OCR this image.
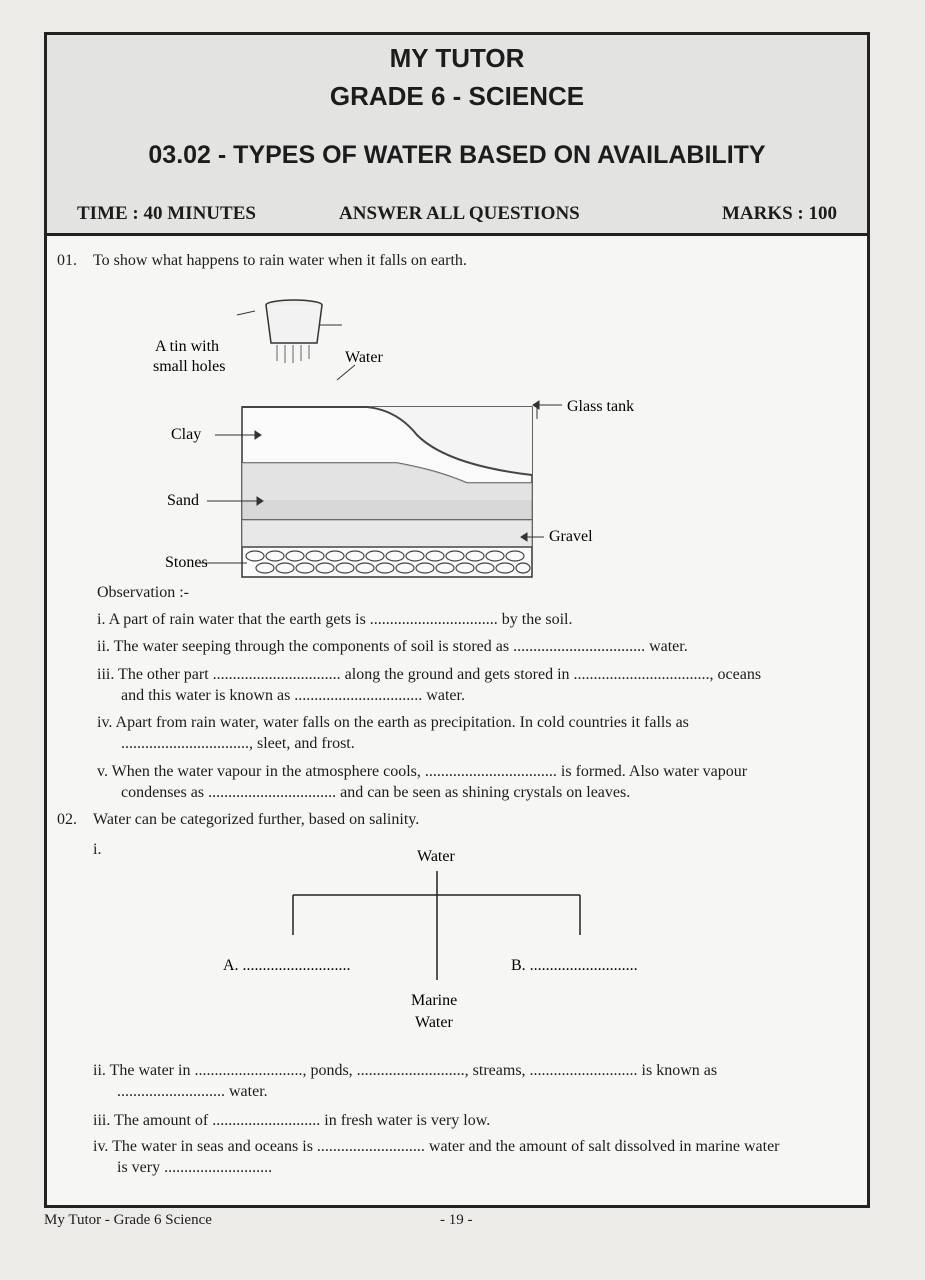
MY TUTOR
GRADE 6 - SCIENCE
03.02 - TYPES OF WATER BASED ON AVAILABILITY
TIME : 40 MINUTES	ANSWER ALL QUESTIONS	MARKS : 100
01. To show what happens to rain water when it falls on earth.
A tin with
small holes
Water
Glass tank
Clay
Sand
Gravel
Stones
Observation :-
i. A part of rain water that the earth gets is ................................ by the soil.
ii. The water seeping through the components of soil is stored as ................................. water.
iii. The other part ................................ along the ground and gets stored in .................................., oceans
and this water is known as ................................ water.
iv. Apart from rain water, water falls on the earth as precipitation. In cold countries it falls as
................................, sleet, and frost.
v. When the water vapour in the atmosphere cools, ................................. is formed. Also water vapour
condenses as ................................ and can be seen as shining crystals on leaves.
02. Water can be categorized further, based on salinity.
i.	Water
A. ...........................	B. ...........................
Marine
Water
ii. The water in ..........................., ponds, ..........................., streams, ........................... is known as
........................... water.
iii. The amount of ........................... in fresh water is very low.
iv. The water in seas and oceans is ........................... water and the amount of salt dissolved in marine water
is very ...........................
My Tutor - Grade 6 Science	- 19 -
